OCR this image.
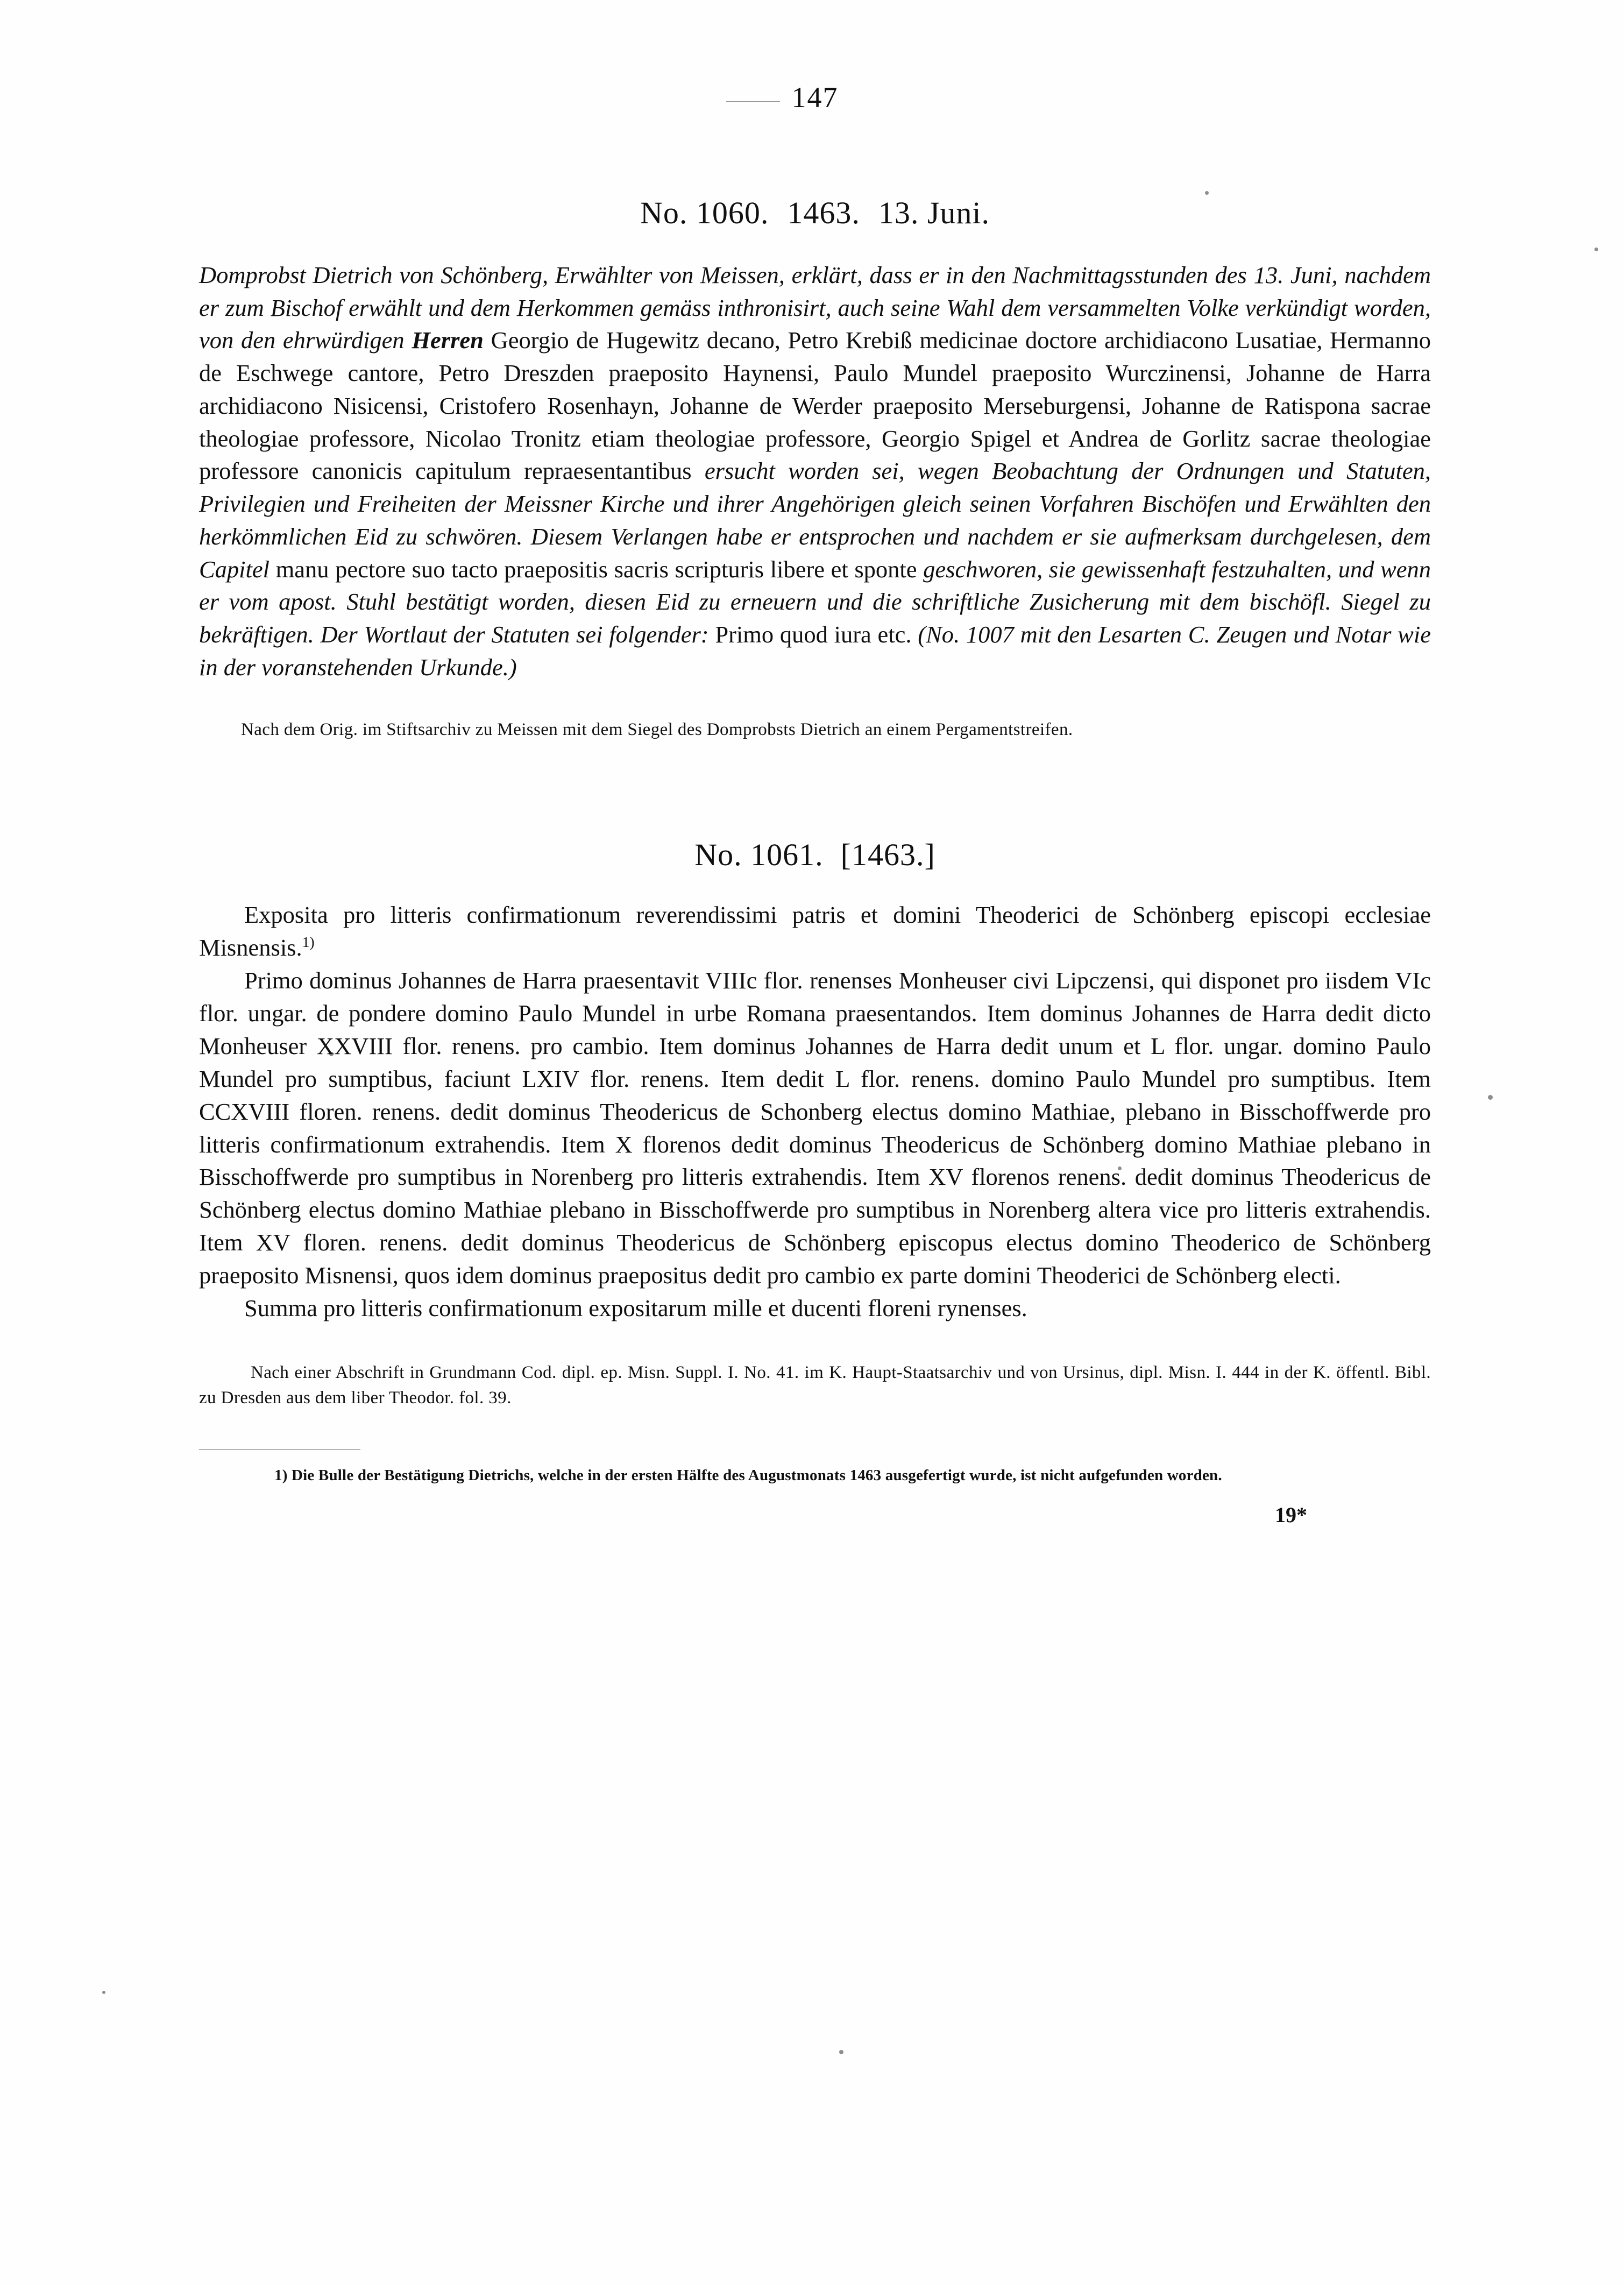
147
No. 1060. 1463. 13. Juni.

Domprobst Dietrich von Schönberg, Erwählter von Meissen, erklärt, dass er in den Nachmittagsstunden des 13. Juni, nachdem er zum Bischof erwählt und dem Herkommen gemäss inthronisirt, auch seine Wahl dem versammelten Volke verkündigt worden, von den ehrwürdigen Herren Georgio de Hugewitz decano, Petro Krebiß medicinae doctore archidiacono Lusatiae, Hermanno de Eschwege cantore, Petro Dreszden praeposito Haynensi, Paulo Mundel praeposito Wurczinensi, Johanne de Harra archidiacono Nisicensi, Cristofero Rosenhayn, Johanne de Werder praeposito Merseburgensi, Johanne de Ratispona sacrae theologiae professore, Nicolao Tronitz etiam theologiae professore, Georgio Spigel et Andrea de Gorlitz sacrae theologiae professore canonicis capitulum repraesentantibus ersucht worden sei, wegen Beobachtung der Ordnungen und Statuten, Privilegien und Freiheiten der Meissner Kirche und ihrer Angehörigen gleich seinen Vorfahren Bischöfen und Erwählten den herkömmlichen Eid zu schwören. Diesem Verlangen habe er entsprochen und nachdem er sie aufmerksam durchgelesen, dem Capitel manu pectore suo tacto praepositis sacris scripturis libere et sponte geschworen, sie gewissenhaft festzuhalten, und wenn er vom apost. Stuhl bestätigt worden, diesen Eid zu erneuern und die schriftliche Zusicherung mit dem bischöfl. Siegel zu bekräftigen. Der Wortlaut der Statuten sei folgender: Primo quod iura etc. (No. 1007 mit den Lesarten C. Zeugen und Notar wie in der voranstehenden Urkunde.)

Nach dem Orig. im Stiftsarchiv zu Meissen mit dem Siegel des Domprobsts Dietrich an einem Pergamentstreifen.

No. 1061. [1463.]

Exposita pro litteris confirmationum reverendissimi patris et domini Theoderici de Schönberg episcopi ecclesiae Misnensis.$^{1)}$

Primo dominus Johannes de Harra praesentavit VIIIc flor. renenses Monheuser civi Lipczensi, qui disponet pro iisdem VIc flor. ungar. de pondere domino Paulo Mundel in urbe Romana praesentandos. Item dominus Johannes de Harra dedit dicto Monheuser XXVIII flor. renens. pro cambio. Item dominus Johannes de Harra dedit unum et L flor. ungar. domino Paulo Mundel pro sumptibus, faciunt LXIV flor. renens. Item dedit L flor. renens. domino Paulo Mundel pro sumptibus. Item CCXVIII floren. renens. dedit dominus Theodericus de Schonberg electus domino Mathiae, plebano in Bisschoffwerde pro litteris confirmationum extrahendis. Item X florenos dedit dominus Theodericus de Schönberg domino Mathiae plebano in Bisschoffwerde pro sumptibus in Norenberg pro litteris extrahendis. Item XV florenos renens. dedit dominus Theodericus de Schönberg electus domino Mathiae plebano in Bisschoffwerde pro sumptibus in Norenberg altera vice pro litteris extrahendis. Item XV floren. renens. dedit dominus Theodericus de Schönberg episcopus electus domino Theoderico de Schönberg praeposito Misnensi, quos idem dominus praepositus dedit pro cambio ex parte domini Theoderici de Schönberg electi.

Summa pro litteris confirmationum expositarum mille et ducenti floreni rynenses.

Nach einer Abschrift in Grundmann Cod. dipl. ep. Misn. Suppl. I. No. 41. im K. Haupt-Staatsarchiv und von Ursinus, dipl. Misn. I. 444 in der K. öffentl. Bibl. zu Dresden aus dem liber Theodor. fol. 39.

1) Die Bulle der Bestätigung Dietrichs, welche in der ersten Hälfte des Augustmonats 1463 ausgefertigt wurde, ist nicht aufgefunden worden.

19*
